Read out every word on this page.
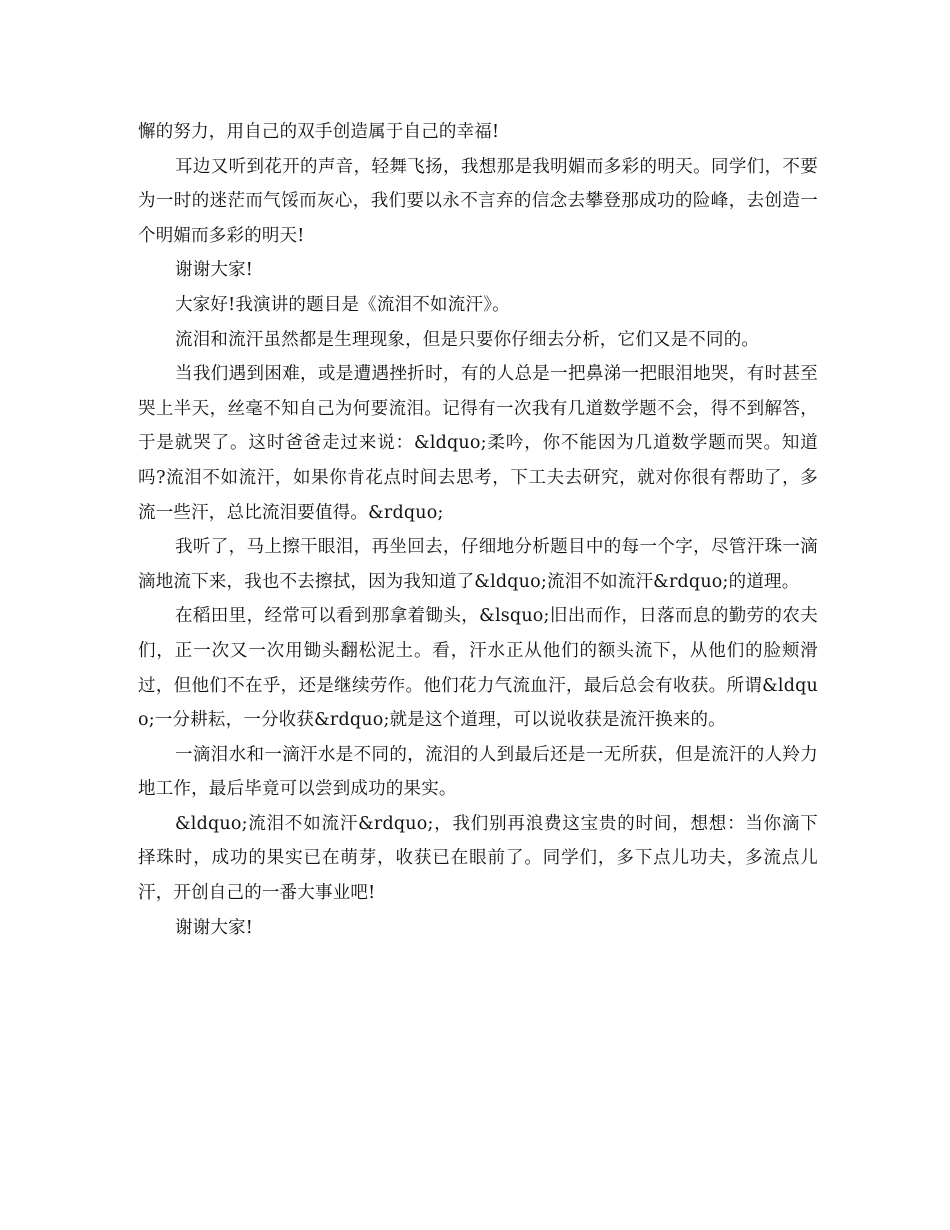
懈的努力，用自己的双手创造属于自己的幸福!

耳边又听到花开的声音，轻舞飞扬，我想那是我明媚而多彩的明天。同学们，不要为一时的迷茫而气馁而灰心，我们要以永不言弃的信念去攀登那成功的险峰，去创造一个明媚而多彩的明天!

谢谢大家!

大家好!我演讲的题目是《流泪不如流汗》。

流泪和流汗虽然都是生理现象，但是只要你仔细去分析，它们又是不同的。

当我们遇到困难，或是遭遇挫折时，有的人总是一把鼻涕一把眼泪地哭，有时甚至哭上半天，丝毫不知自己为何要流泪。记得有一次我有几道数学题不会，得不到解答，于是就哭了。这时爸爸走过来说：&ldquo;柔吟，你不能因为几道数学题而哭。知道吗?流泪不如流汗，如果你肯花点时间去思考，下工夫去研究，就对你很有帮助了，多流一些汗，总比流泪要值得。&rdquo;

我听了，马上擦干眼泪，再坐回去，仔细地分析题目中的每一个字，尽管汗珠一滴滴地流下来，我也不去擦拭，因为我知道了&ldquo;流泪不如流汗&rdquo;的道理。

在稻田里，经常可以看到那拿着锄头，&lsquo;旧出而作，日落而息的勤劳的农夫们，正一次又一次用锄头翻松泥土。看，汗水正从他们的额头流下，从他们的脸颊滑过，但他们不在乎，还是继续劳作。他们花力气流血汗，最后总会有收获。所谓&ldquo;一分耕耘，一分收获&rdquo;就是这个道理，可以说收获是流汗换来的。

一滴泪水和一滴汗水是不同的，流泪的人到最后还是一无所获，但是流汗的人羚力地工作，最后毕竟可以尝到成功的果实。

&ldquo;流泪不如流汗&rdquo;，我们别再浪费这宝贵的时间，想想：当你滴下择珠时，成功的果实已在萌芽，收获已在眼前了。同学们，多下点儿功夫，多流点儿汗，开创自己的一番大事业吧!

谢谢大家!
